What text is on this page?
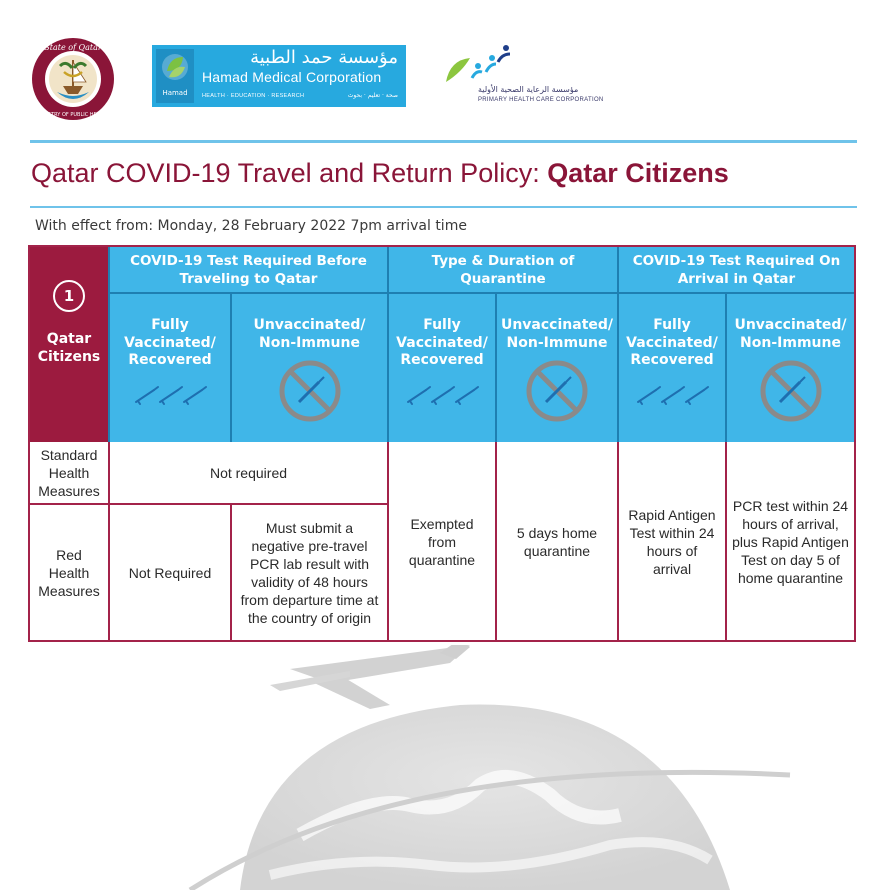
State of Qatar
MINISTRY OF PUBLIC HEALTH
Hamad
مؤسسة حمد الطبية
Hamad Medical Corporation
HEALTH · EDUCATION · RESEARCH	صحة · تعليم · بحوث
مؤسسة الرعاية الصحية الأولية
PRIMARY HEALTH CARE CORPORATION
Qatar COVID-19 Travel and Return Policy: Qatar Citizens
With effect from: Monday, 28 February 2022 7pm arrival time
1
Qatar Citizens
COVID-19 Test Required Before Traveling to Qatar
Type & Duration of Quarantine
COVID-19 Test Required On Arrival in Qatar
Fully Vaccinated/ Recovered
Unvaccinated/ Non-Immune
Fully Vaccinated/ Recovered
Unvaccinated/ Non-Immune
Fully Vaccinated/ Recovered
Unvaccinated/ Non-Immune
Standard Health Measures
Red Health Measures
Not required
Not Required
Must submit a negative pre-travel PCR lab result with validity of 48 hours from departure time at the country of origin
Exempted from quarantine
5 days home quarantine
Rapid Antigen Test within 24 hours of arrival
PCR test within 24 hours of arrival, plus Rapid Antigen Test on day 5 of home quarantine
